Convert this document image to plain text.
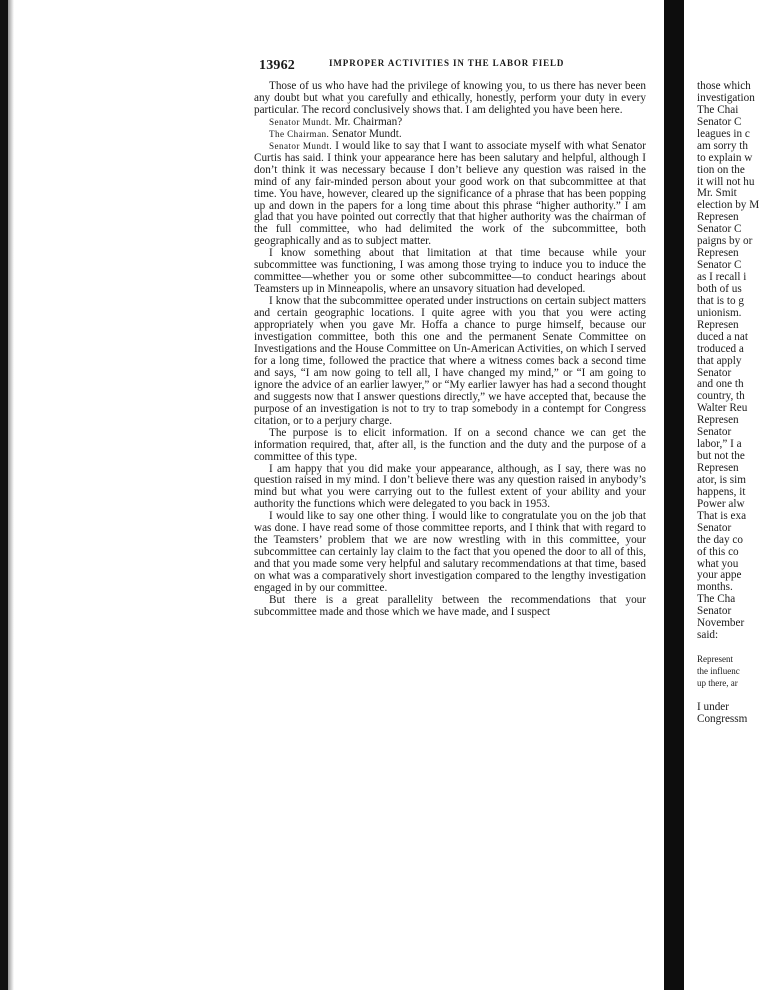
13962	IMPROPER ACTIVITIES IN THE LABOR FIELD

Those of us who have had the privilege of knowing you, to us there has never been any doubt but what you carefully and ethically, honestly, perform your duty in every particular. The record conclusively shows that. I am delighted you have been here.

Senator Mundt. Mr. Chairman?

The Chairman. Senator Mundt.

Senator Mundt. I would like to say that I want to associate myself with what Senator Curtis has said. I think your appearance here has been salutary and helpful, although I don’t think it was necessary because I don’t believe any question was raised in the mind of any fair-minded person about your good work on that subcommittee at that time. You have, however, cleared up the significance of a phrase that has been popping up and down in the papers for a long time about this phrase “higher authority.” I am glad that you have pointed out correctly that that higher authority was the chairman of the full committee, who had delimited the work of the subcommittee, both geographically and as to subject matter.

I know something about that limitation at that time because while your subcommittee was functioning, I was among those trying to induce you to induce the committee—whether you or some other subcommittee—to conduct hearings about Teamsters up in Minneapolis, where an unsavory situation had developed.

I know that the subcommittee operated under instructions on certain subject matters and certain geographic locations. I quite agree with you that you were acting appropriately when you gave Mr. Hoffa a chance to purge himself, because our investigation committee, both this one and the permanent Senate Committee on Investigations and the House Committee on Un-American Activities, on which I served for a long time, followed the practice that where a witness comes back a second time and says, “I am now going to tell all, I have changed my mind,” or “I am going to ignore the advice of an earlier lawyer,” or “My earlier lawyer has had a second thought and suggests now that I answer questions directly,” we have accepted that, because the purpose of an investigation is not to try to trap somebody in a contempt for Congress citation, or to a perjury charge.

The purpose is to elicit information. If on a second chance we can get the information required, that, after all, is the function and the duty and the purpose of a committee of this type.

I am happy that you did make your appearance, although, as I say, there was no question raised in my mind. I don’t believe there was any question raised in anybody’s mind but what you were carrying out to the fullest extent of your ability and your authority the functions which were delegated to you back in 1953.

I would like to say one other thing. I would like to congratulate you on the job that was done. I have read some of those committee reports, and I think that with regard to the Teamsters’ problem that we are now wrestling with in this committee, your subcommittee can certainly lay claim to the fact that you opened the door to all of this, and that you made some very helpful and salutary recommendations at that time, based on what was a comparatively short investigation compared to the lengthy investigation engaged in by our committee.

But there is a great parallelity between the recommendations that your subcommittee made and those which we have made, and I suspect

those which
investigation
The Chai
Senator C
leagues in c
am sorry th
to explain w
tion on the
it will not hu
Mr. Smit
election by M
Represen
Senator C
paigns by or
Represen
Senator C
as I recall i
both of us
that is to g
unionism.
Represen
duced a nat
troduced a
that apply
Senator
and one th
country, th
Walter Reu
Represen
Senator
labor,” I a
but not the
Represen
ator, is sim
happens, it
Power alw
That is exa
Senator
the day co
of this co
what you
your appe
months.
The Cha
Senator
November
said:
Represent
the influenc
up there, ar
I under
Congressm
